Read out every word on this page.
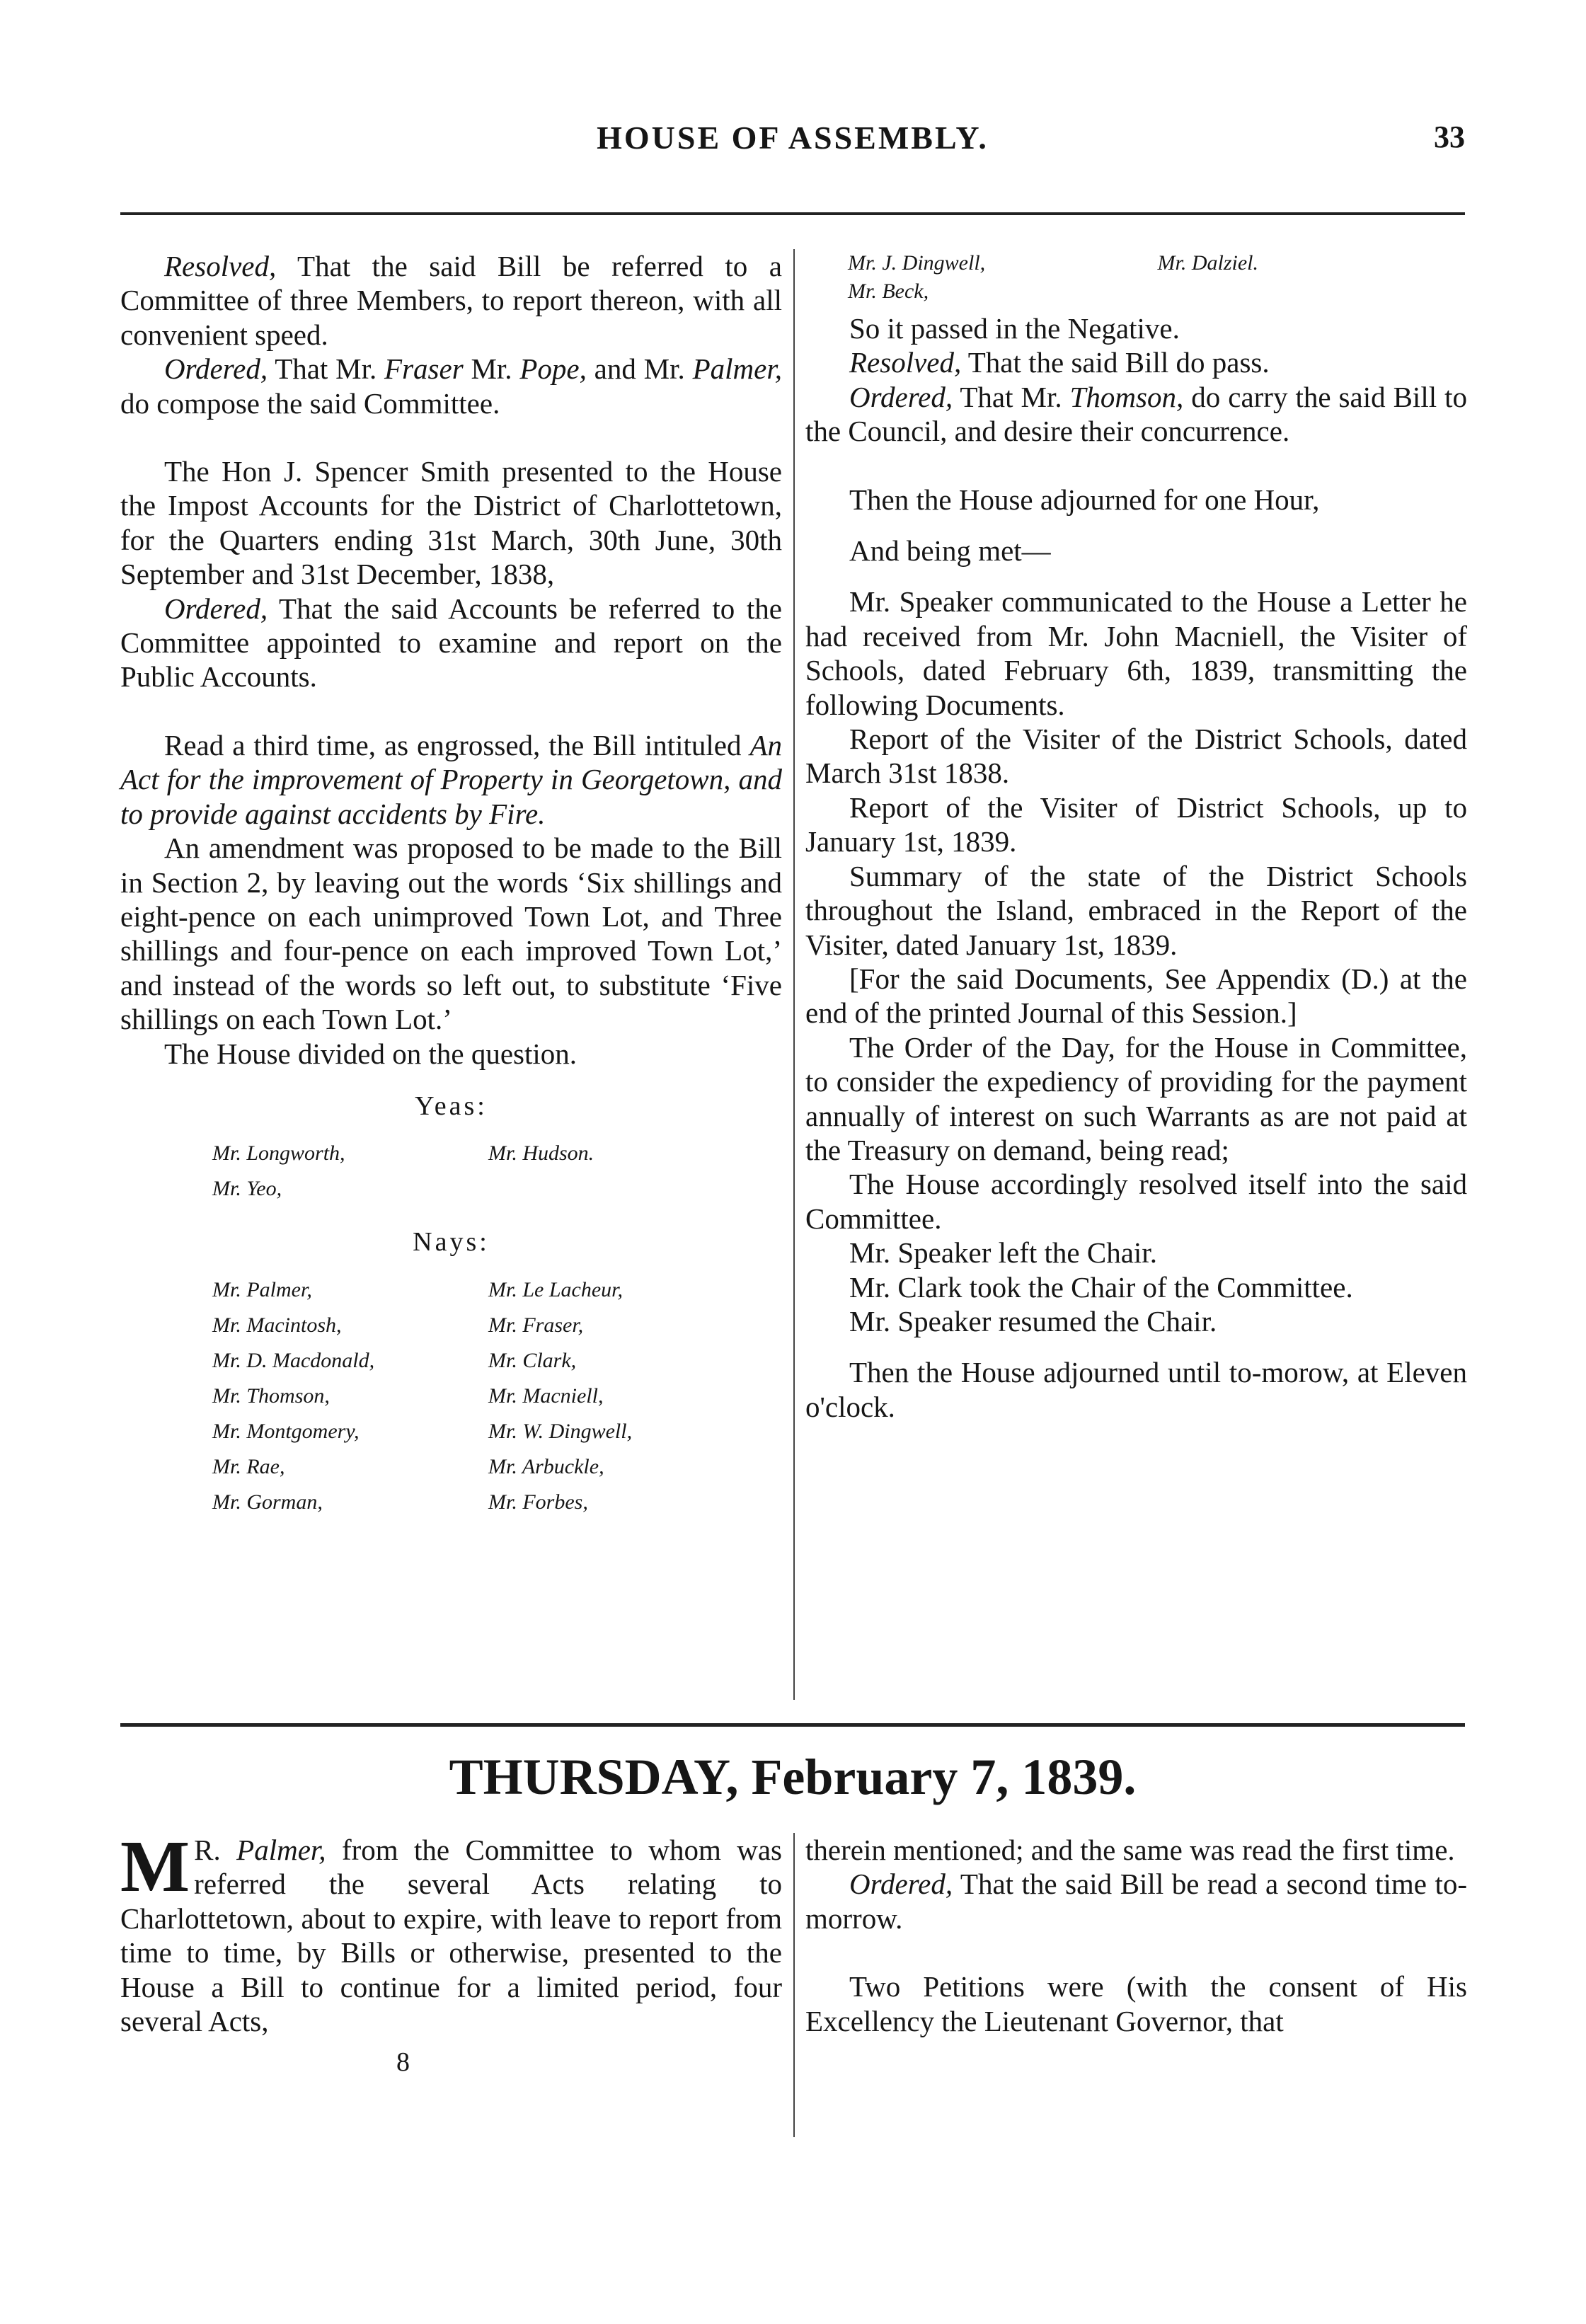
HOUSE OF ASSEMBLY.	33

Resolved, That the said Bill be referred to a Committee of three Members, to report thereon, with all convenient speed.

Ordered, That Mr. Fraser Mr. Pope, and Mr. Palmer, do compose the said Committee.

The Hon J. Spencer Smith presented to the House the Impost Accounts for the District of Charlottetown, for the Quarters ending 31st March, 30th June, 30th September and 31st December, 1838,

Ordered, That the said Accounts be referred to the Committee appointed to examine and report on the Public Accounts.

Read a third time, as engrossed, the Bill intituled An Act for the improvement of Property in Georgetown, and to provide against accidents by Fire.

An amendment was proposed to be made to the Bill in Section 2, by leaving out the words ‘Six shillings and eight-pence on each unimproved Town Lot, and Three shillings and four-pence on each improved Town Lot,’ and instead of the words so left out, to substitute ‘Five shillings on each Town Lot.’

The House divided on the question.

Yeas:
Mr. Longworth,	Mr. Hudson.
Mr. Yeo,
Nays:
Mr. Palmer,	Mr. Le Lacheur,
Mr. Macintosh,	Mr. Fraser,
Mr. D. Macdonald,	Mr. Clark,
Mr. Thomson,	Mr. Macniell,
Mr. Montgomery,	Mr. W. Dingwell,
Mr. Rae,	Mr. Arbuckle,
Mr. Gorman,	Mr. Forbes,
Mr. J. Dingwell,	Mr. Dalziel.
Mr. Beck,

So it passed in the Negative.

Resolved, That the said Bill do pass.

Ordered, That Mr. Thomson, do carry the said Bill to the Council, and desire their concurrence.

Then the House adjourned for one Hour,

And being met—

Mr. Speaker communicated to the House a Letter he had received from Mr. John Macniell, the Visiter of Schools, dated February 6th, 1839, transmitting the following Documents.

Report of the Visiter of the District Schools, dated March 31st 1838.

Report of the Visiter of District Schools, up to January 1st, 1839.

Summary of the state of the District Schools throughout the Island, embraced in the Report of the Visiter, dated January 1st, 1839.

[For the said Documents, See Appendix (D.) at the end of the printed Journal of this Session.]

The Order of the Day, for the House in Committee, to consider the expediency of providing for the payment annually of interest on such Warrants as are not paid at the Treasury on demand, being read;

The House accordingly resolved itself into the said Committee.

Mr. Speaker left the Chair.

Mr. Clark took the Chair of the Committee.

Mr. Speaker resumed the Chair.

Then the House adjourned until to-morow, at Eleven o'clock.

THURSDAY, February 7, 1839.

M R. Palmer, from the Committee to whom was referred the several Acts relating to Charlottetown, about to expire, with leave to report from time to time, by Bills or otherwise, presented to the House a Bill to continue for a limited period, four several Acts,

8

therein mentioned; and the same was read the first time.

Ordered, That the said Bill be read a second time to-morrow.

Two Petitions were (with the consent of His Excellency the Lieutenant Governor, that
